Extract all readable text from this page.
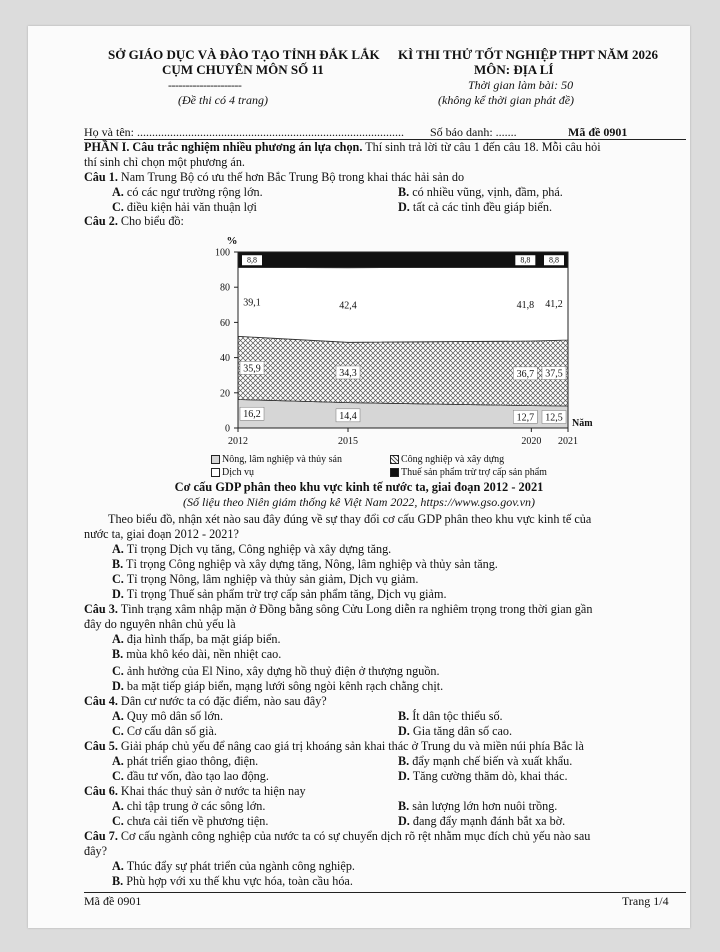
SỞ GIÁO DỤC VÀ ĐÀO TẠO TỈNH ĐẮK LẮK
CỤM CHUYÊN MÔN SỐ 11
---------------------
(Đề thi có 4 trang)
KÌ THI THỬ TỐT NGHIỆP THPT NĂM 2026
MÔN: ĐỊA LÍ
Thời gian làm bài: 50
(không kể thời gian phát đề)
Họ và tên: ......................................................................................... Số báo danh: .......	Mã đề 0901
PHẦN I. Câu trắc nghiệm nhiều phương án lựa chọn. Thí sinh trả lời từ câu 1 đến câu 18. Mỗi câu hỏi
thí sinh chỉ chọn một phương án.
Câu 1. Nam Trung Bộ có ưu thế hơn Bắc Trung Bộ trong khai thác hải sản do
A. có các ngư trường rộng lớn.	B. có nhiều vũng, vịnh, đầm, phá.
C. điều kiện hải văn thuận lợi	D. tất cả các tỉnh đều giáp biển.
Câu 2. Cho biểu đồ:
0
20
40
60
80
100
%
2012	2015	2020 2021
Năm
16,2	14,4	12,7 12,5
35,9	34,3	36,7 37,5
39,1	42,4	41,8 41,2
8,8	8,8 8,8
Nông, lâm nghiệp và thủy sản	Công nghiệp và xây dựng
Dịch vụ	Thuế sản phẩm trừ trợ cấp sản phẩm
Cơ cấu GDP phân theo khu vực kinh tế nước ta, giai đoạn 2012 - 2021
(Số liệu theo Niên giám thống kê Việt Nam 2022, https://www.gso.gov.vn)
Theo biểu đồ, nhận xét nào sau đây đúng về sự thay đổi cơ cấu GDP phân theo khu vực kinh tế của
nước ta, giai đoạn 2012 - 2021?
A. Tỉ trọng Dịch vụ tăng, Công nghiệp và xây dựng tăng.
B. Tỉ trọng Công nghiệp và xây dựng tăng, Nông, lâm nghiệp và thủy sản tăng.
C. Tỉ trọng Nông, lâm nghiệp và thủy sản giảm, Dịch vụ giảm.
D. Tỉ trọng Thuế sản phẩm trừ trợ cấp sản phẩm tăng, Dịch vụ giảm.
Câu 3. Tình trạng xâm nhập mặn ở Đồng bằng sông Cửu Long diễn ra nghiêm trọng trong thời gian gần
đây do nguyên nhân chủ yếu là
A. địa hình thấp, ba mặt giáp biển.
B. mùa khô kéo dài, nền nhiệt cao.
C. ảnh hưởng của El Nino, xây dựng hồ thuỷ điện ở thượng nguồn.
D. ba mặt tiếp giáp biển, mạng lưới sông ngòi kênh rạch chằng chịt.
Câu 4. Dân cư nước ta có đặc điểm, nào sau đây?
A. Quy mô dân số lớn.	B. Ít dân tộc thiểu số.
C. Cơ cấu dân số già.	D. Gia tăng dân số cao.
Câu 5. Giải pháp chủ yếu để nâng cao giá trị khoáng sản khai thác ở Trung du và miền núi phía Bắc là
A. phát triển giao thông, điện.	B. đẩy mạnh chế biến và xuất khẩu.
C. đầu tư vốn, đào tạo lao động.	D. Tăng cường thăm dò, khai thác.
Câu 6. Khai thác thuỷ sản ở nước ta hiện nay
A. chỉ tập trung ở các sông lớn.	B. sản lượng lớn hơn nuôi trồng.
C. chưa cải tiến về phương tiện.	D. đang đẩy mạnh đánh bắt xa bờ.
Câu 7. Cơ cấu ngành công nghiệp của nước ta có sự chuyển dịch rõ rệt nhằm mục đích chủ yếu nào sau
đây?
A. Thúc đẩy sự phát triển của ngành công nghiệp.
B. Phù hợp với xu thế khu vực hóa, toàn cầu hóa.
Mã đề 0901	Trang 1/4
